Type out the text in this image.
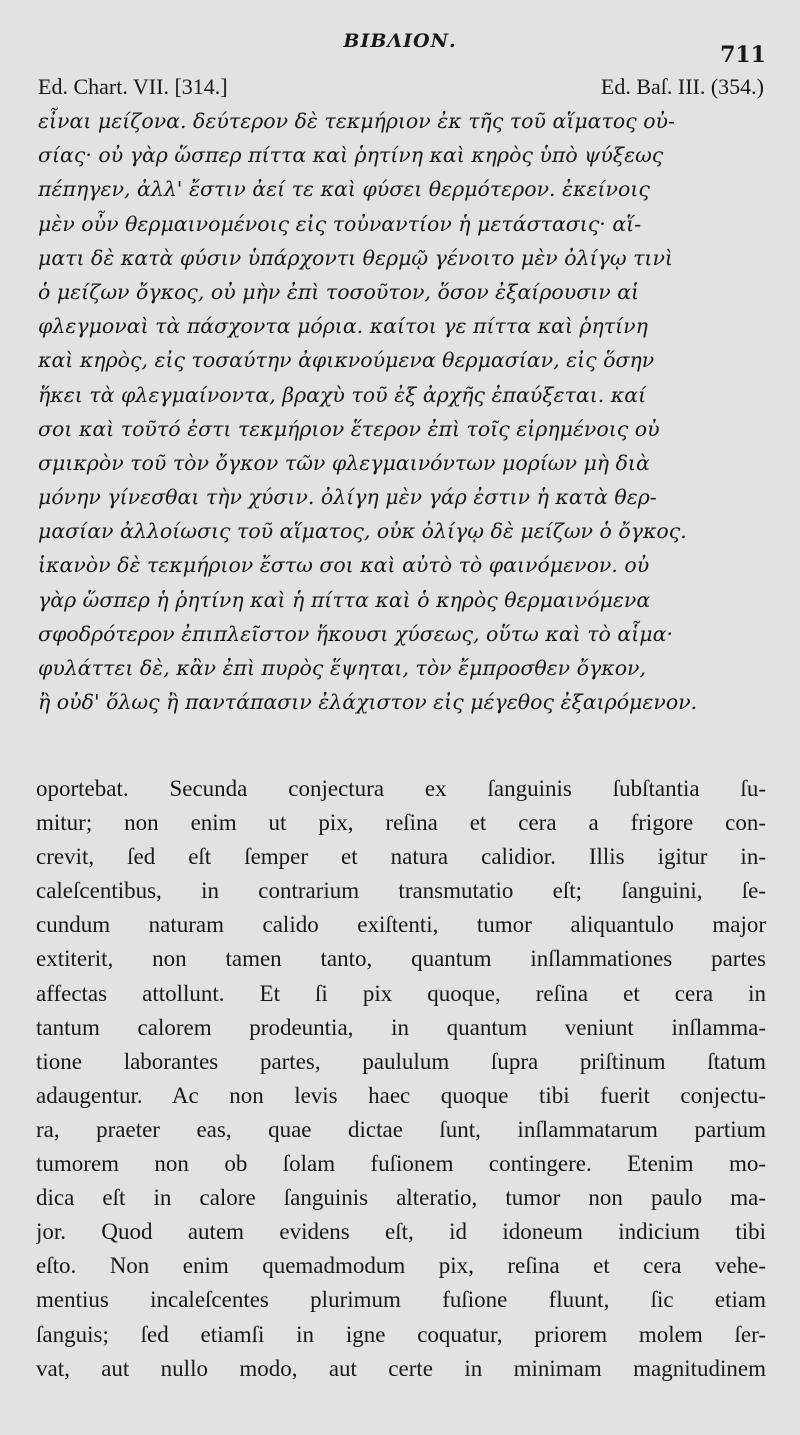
BIBΛΙΟΝ.
711
Ed. Chart. VII. [314.]	Ed. Baſ. III. (354.)
εἶναι μείζονα. δεύτερον δὲ τεκμήριον ἐκ τῆς τοῦ αἵματος οὐ-
σίας· οὐ γὰρ ὥσπερ πίττα καὶ ῥητίνη καὶ κηρὸς ὑπὸ ψύξεως
πέπηγεν, ἀλλ' ἔστιν ἀεί τε καὶ φύσει θερμότερον. ἐκείνοις
μὲν οὖν θερμαινομένοις εἰς τοὐναντίον ἡ μετάστασις· αἵ-
ματι δὲ κατὰ φύσιν ὑπάρχοντι θερμῷ γένοιτο μὲν ὀλίγῳ τινὶ
ὁ μείζων ὄγκος, οὐ μὴν ἐπὶ τοσοῦτον, ὅσον ἐξαίρουσιν αἱ
φλεγμοναὶ τὰ πάσχοντα μόρια. καίτοι γε πίττα καὶ ῥητίνη
καὶ κηρὸς, εἰς τοσαύτην ἀφικνούμενα θερμασίαν, εἰς ὅσην
ἥκει τὰ φλεγμαίνοντα, βραχὺ τοῦ ἐξ ἀρχῆς ἐπαύξεται. καί
σοι καὶ τοῦτό ἐστι τεκμήριον ἕτερον ἐπὶ τοῖς εἰρημένοις οὐ
σμικρὸν τοῦ τὸν ὄγκον τῶν φλεγμαινόντων μορίων μὴ διὰ
μόνην γίνεσθαι τὴν χύσιν. ὀλίγη μὲν γάρ ἐστιν ἡ κατὰ θερ-
μασίαν ἀλλοίωσις τοῦ αἵματος, οὐκ ὀλίγῳ δὲ μείζων ὁ ὄγκος.
ἱκανὸν δὲ τεκμήριον ἔστω σοι καὶ αὐτὸ τὸ φαινόμενον. οὐ
γὰρ ὥσπερ ἡ ῥητίνη καὶ ἡ πίττα καὶ ὁ κηρὸς θερμαινόμενα
σφοδρότερον ἐπιπλεῖστον ἥκουσι χύσεως, οὕτω καὶ τὸ αἷμα·
φυλάττει δὲ, κἂν ἐπὶ πυρὸς ἕψηται, τὸν ἔμπροσθεν ὄγκον,
ἢ οὐδ' ὅλως ἢ παντάπασιν ἐλάχιστον εἰς μέγεθος ἐξαιρόμενον.
oportebat. Secunda conjectura ex ſanguinis ſubſtantia ſu-
mitur; non enim ut pix, reſina et cera a frigore con-
crevit, ſed eſt ſemper et natura calidior. Illis igitur in-
caleſcentibus, in contrarium transmutatio eſt; ſanguini, ſe-
cundum naturam calido exiſtenti, tumor aliquantulo major
extiterit, non tamen tanto, quantum inſlammationes partes
affectas attollunt. Et ſi pix quoque, reſina et cera in
tantum calorem prodeuntia, in quantum veniunt inſlamma-
tione laborantes partes, paululum ſupra priſtinum ſtatum
adaugentur. Ac non levis haec quoque tibi fuerit conjectu-
ra, praeter eas, quae dictae ſunt, inſlammatarum partium
tumorem non ob ſolam fuſionem contingere. Etenim mo-
dica eſt in calore ſanguinis alteratio, tumor non paulo ma-
jor. Quod autem evidens eſt, id idoneum indicium tibi
eſto. Non enim quemadmodum pix, reſina et cera vehe-
mentius incaleſcentes plurimum fuſione fluunt, ſic etiam
ſanguis; ſed etiamſi in igne coquatur, priorem molem ſer-
vat, aut nullo modo, aut certe in minimam magnitudinem
